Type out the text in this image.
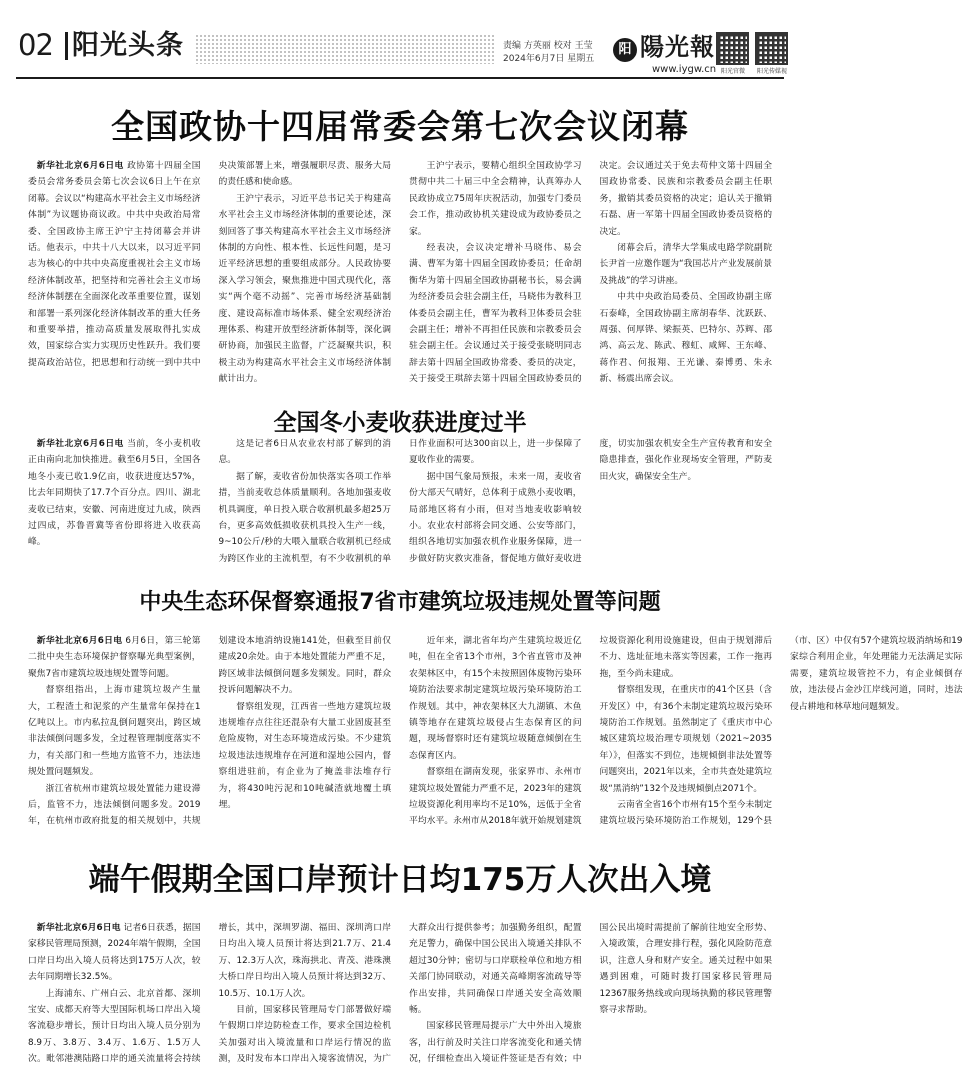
02 阳光头条	责编 方英丽 校对 王莹
2024年6月7日 星期五
阳 陽光報
www.iygw.cn 阳光官微	阳光传媒视
全国政协十四届常委会第七次会议闭幕

新华社北京6月6日电 政协第十四届全国委员会常务委员会第七次会议6日上午在京闭幕。会议以“构建高水平社会主义市场经济体制”为议题协商议政。中共中央政治局常委、全国政协主席王沪宁主持闭幕会并讲话。他表示，中共十八大以来，以习近平同志为核心的中共中央高度重视社会主义市场经济体制改革，把坚持和完善社会主义市场经济体制摆在全面深化改革重要位置，谋划和部署一系列深化经济体制改革的重大任务和重要举措，推动高质量发展取得扎实成效，国家综合实力实现历史性跃升。我们要提高政治站位，把思想和行动统一到中共中央决策部署上来，增强履职尽责、服务大局的责任感和使命感。

王沪宁表示，习近平总书记关于构建高水平社会主义市场经济体制的重要论述，深刻回答了事关构建高水平社会主义市场经济体制的方向性、根本性、长远性问题，是习近平经济思想的重要组成部分。人民政协要深入学习领会，聚焦推进中国式现代化，落实“两个毫不动摇”、完善市场经济基础制度、建设高标准市场体系、健全宏观经济治理体系、构建开放型经济新体制等，深化调研协商，加强民主监督，广泛凝聚共识，积极主动为构建高水平社会主义市场经济体制献计出力。

王沪宁表示，要精心组织全国政协学习贯彻中共二十届三中全会精神，认真筹办人民政协成立75周年庆祝活动，加强专门委员会工作，推动政协机关建设成为政协委员之家。

经表决，会议决定增补马晓伟、易会满、曹军为第十四届全国政协委员；任命胡衡华为第十四届全国政协副秘书长，易会满为经济委员会驻会副主任，马晓伟为教科卫体委员会副主任，曹军为教科卫体委员会驻会副主任；增补不再担任民族和宗教委员会驻会副主任。会议通过关于接受张晓明同志辞去第十四届全国政协常委、委员的决定，关于接受王琪辞去第十四届全国政协委员的决定。会议通过关于免去苟仲文第十四届全国政协常委、民族和宗教委员会副主任职务，撤销其委员资格的决定；追认关于撤销石磊、唐一军第十四届全国政协委员资格的决定。

闭幕会后，清华大学集成电路学院副院长尹首一应邀作题为“我国芯片产业发展前景及挑战”的学习讲座。

中共中央政治局委员、全国政协副主席石泰峰，全国政协副主席胡春华、沈跃跃、周强、何厚铧、梁振英、巴特尔、苏辉、邵鸿、高云龙、陈武、穆虹、咸辉、王东峰、蒋作君、何报翔、王光谦、秦博勇、朱永新、杨震出席会议。

全国冬小麦收获进度过半

新华社北京6月6日电 当前，冬小麦机收正由南向北加快推进。截至6月5日，全国各地冬小麦已收1.9亿亩，收获进度达57%，比去年同期快了17.7个百分点。四川、湖北麦收已结束，安徽、河南进度过九成，陕西过四成，苏鲁晋冀等省份即将进入收获高峰。

这是记者6日从农业农村部了解到的消息。

据了解，麦收省份加快落实各项工作举措，当前麦收总体质量顺利。各地加强麦收机具调度，单日投入联合收割机最多超25万台，更多高效低损收获机具投入生产一线，9~10公斤/秒的大喂入量联合收割机已经成为跨区作业的主流机型，有不少收割机的单日作业面积可达300亩以上，进一步保障了夏收作业的需要。

据中国气象局预报，未来一周，麦收省份大部天气晴好，总体利于成熟小麦收晒，局部地区将有小雨，但对当地麦收影响较小。农业农村部将会同交通、公安等部门，组织各地切实加强农机作业服务保障，进一步做好防灾救灾准备，督促地方做好麦收进度，切实加强农机安全生产宣传教育和安全隐患排查，强化作业现场安全管理，严防麦田火灾，确保安全生产。

中央生态环保督察通报7省市建筑垃圾违规处置等问题

新华社北京6月6日电 6月6日，第三轮第二批中央生态环境保护督察曝光典型案例，聚焦7省市建筑垃圾违规处置等问题。

督察组指出，上海市建筑垃圾产生量大，工程渣土和泥浆的产生量常年保持在1亿吨以上。市内私拉乱倒问题突出，跨区域非法倾倒问题多发，全过程管理制度落实不力，有关部门和一些地方监管不力，违法违规处置问题频发。

浙江省杭州市建筑垃圾处置能力建设滞后，监管不力，违法倾倒问题多发。2019年，在杭州市政府批复的相关规划中，共规划建设本地消纳设施141处，但截至目前仅建成20余处。由于本地处置能力严重不足，跨区域非法倾倒问题多发频发。同时，群众投诉问题解决不力。

督察组发现，江西省一些地方建筑垃圾违规堆存点往往还混杂有大量工业固废甚至危险废物，对生态环境造成污染。不少建筑垃圾违法违规堆存在河道和湿地公园内，督察组进驻前，有企业为了掩盖非法堆存行为，将430吨污泥和10吨碱渣就地覆土填埋。

近年来，湖北省年均产生建筑垃圾近亿吨，但在全省13个市州，3个省直管市及神农架林区中，有15个未按照固体废物污染环境防治法要求制定建筑垃圾污染环境防治工作规划。其中，神农架林区大九湖镇、木鱼镇等地存在建筑垃圾侵占生态保育区的问题，现场督察时还有建筑垃圾随意倾倒在生态保育区内。

督察组在湖南发现，张家界市、永州市建筑垃圾处置能力严重不足，2023年的建筑垃圾资源化利用率均不足10%，远低于全省平均水平。永州市从2018年就开始规划建筑垃圾资源化利用设施建设，但由于规划滞后不力、选址征地未落实等因素，工作一拖再拖，至今尚未建成。

督察组发现，在重庆市的41个区县（含开发区）中，有36个未制定建筑垃圾污染环境防治工作规划。虽然制定了《重庆市中心城区建筑垃圾治理专项规划（2021~2035年）》，但落实不到位，违规倾倒非法处置等问题突出，2021年以来，全市共查处建筑垃圾“黑消纳”132个及违规倾倒点2071个。

云南省全省16个市州有15个至今未制定建筑垃圾污染环境防治工作规划，129个县（市、区）中仅有57个建筑垃圾消纳场和19家综合利用企业，年处理能力无法满足实际需要，建筑垃圾管控不力，有企业倾倒存放，违法侵占金沙江岸线河道，同时，违法侵占耕地和林草地问题频发。

端午假期全国口岸预计日均175万人次出入境

新华社北京6月6日电 记者6日获悉，据国家移民管理局预测，2024年端午假期，全国口岸日均出入境人员将达到175万人次，较去年同期增长32.5%。

上海浦东、广州白云、北京首都、深圳宝安、成都天府等大型国际机场口岸出入境客流稳步增长，预计日均出入境人员分别为8.9万、3.8万、3.4万、1.6万、1.5万人次。毗邻港澳陆路口岸的通关流量将会持续增长，其中，深圳罗湖、福田、深圳湾口岸日均出入境人员预计将达到21.7万、21.4万、12.3万人次，珠海拱北、青茂、港珠澳大桥口岸日均出入境人员预计将达到32万、10.5万、10.1万人次。

目前，国家移民管理局专门部署做好端午假期口岸边防检查工作，要求全国边检机关加强对出入境流量和口岸运行情况的监测，及时发布本口岸出入境客流情况，为广大群众出行提供参考；加强勤务组织，配置充足警力，确保中国公民出入境通关排队不超过30分钟；密切与口岸联检单位和地方相关部门协同联动，对通关高峰期客流疏导等作出安排，共同确保口岸通关安全高效顺畅。

国家移民管理局提示广大中外出入境旅客，出行前及时关注口岸客流变化和通关情况，仔细检查出入境证件签证是否有效；中国公民出境时需提前了解前往地安全形势、入境政策，合理安排行程，强化风险防范意识，注意人身和财产安全。通关过程中如果遇到困难，可随时拨打国家移民管理局12367服务热线或向现场执勤的移民管理警察寻求帮助。
